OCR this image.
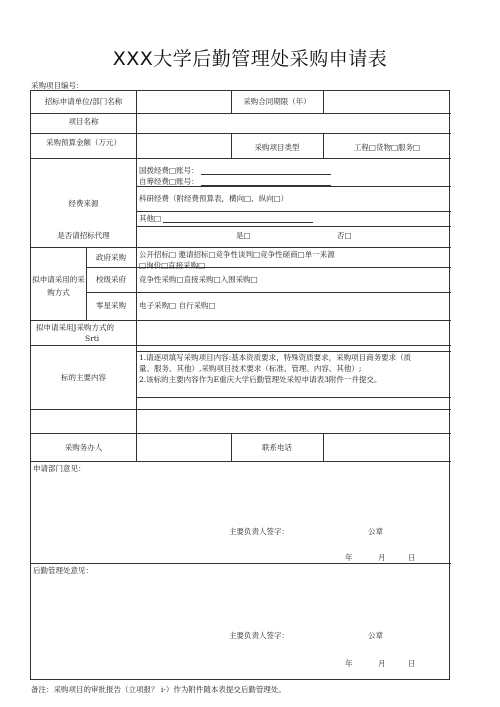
XXX大学后勤管理处采购申请表
采购项目编号：
招标申请单位/部门名称	采购合同期限（年）
项目名称
采购预算金额（万元）
采购项目类型	工程□货物□服务□
经费来源
国拨经费□账号：
自筹经费□账号：
科研经费（附经费预算表，横向□、纵向□）
其他□
是否请招标代理	是□	否□
拟申请采用的采购方式
政府采购	公开招标□ 邀请招标□竞争性谈判□竞争性磋商□单一来源
□询价□直接采购□
校级采府	竞争性采购□直接采购□入围采购□
零星采购	电子采购□ 自行采购□
拟申请采用J采购方式的
Srti
标的主要内容
1.请逐项填写采购项目内容:基本资质要求，特殊资质要求，采购项目商务要求（质
量、服务、其他）,采购项目技术要求（标准、管理、内容、其他）;
2.该标的主要内容作为E重庆大学后勤管理处采短申请表3附件一并提交。
采购务办人	联系电话
申请部门意见：
主要负责人签字：	公章
年	月	日
后勤管理处意见：
主要负责人签字：	公章
年	月	日
备注：采购项目的审批报告（立项报？ i-）作为附件随本表提交后勤管理处。
